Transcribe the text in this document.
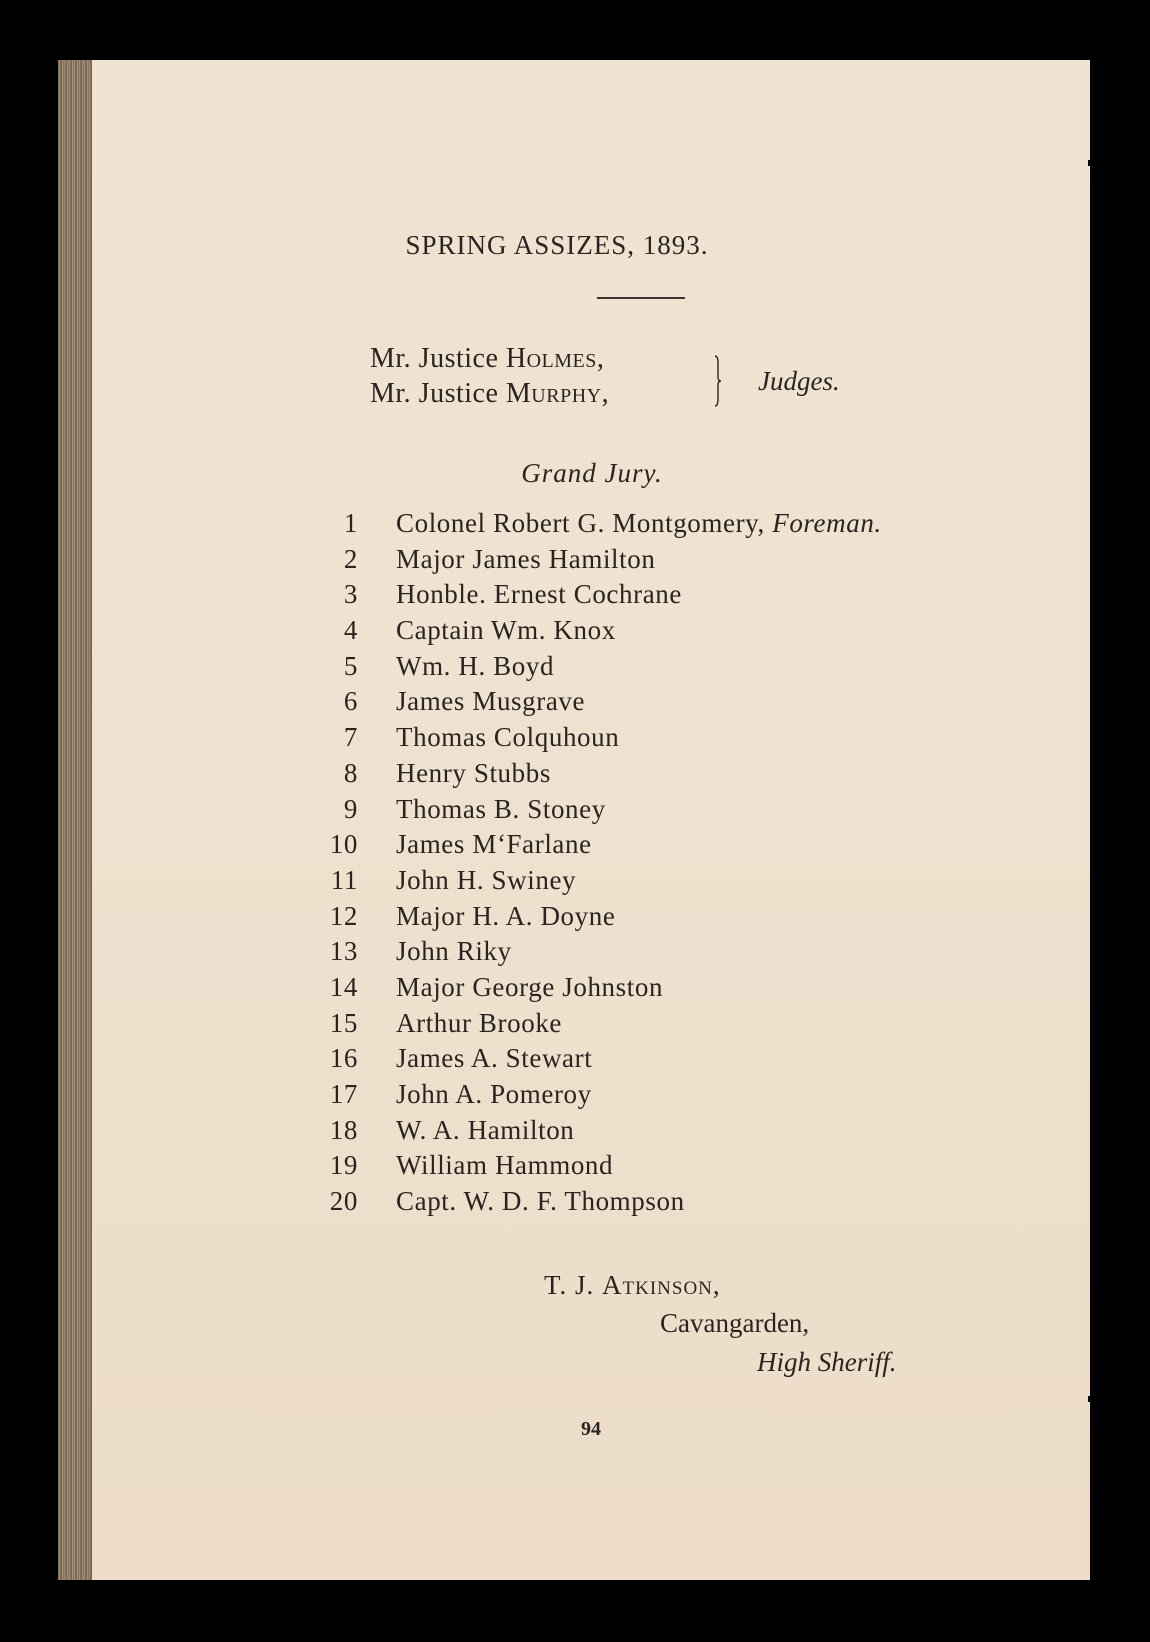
SPRING ASSIZES, 1893.
Mr. Justice Holmes,
Mr. Justice Murphy,	Judges.
Grand Jury.
1 Colonel Robert G. Montgomery, Foreman.
2 Major James Hamilton
3 Honble. Ernest Cochrane
4 Captain Wm. Knox
5 Wm. H. Boyd
6 James Musgrave
7 Thomas Colquhoun
8 Henry Stubbs
9 Thomas B. Stoney
10 James M‘Farlane
11 John H. Swiney
12 Major H. A. Doyne
13 John Riky
14 Major George Johnston
15 Arthur Brooke
16 James A. Stewart
17 John A. Pomeroy
18 W. A. Hamilton
19 William Hammond
20 Capt. W. D. F. Thompson
T. J. Atkinson,
Cavangarden,
High Sheriff.
94
